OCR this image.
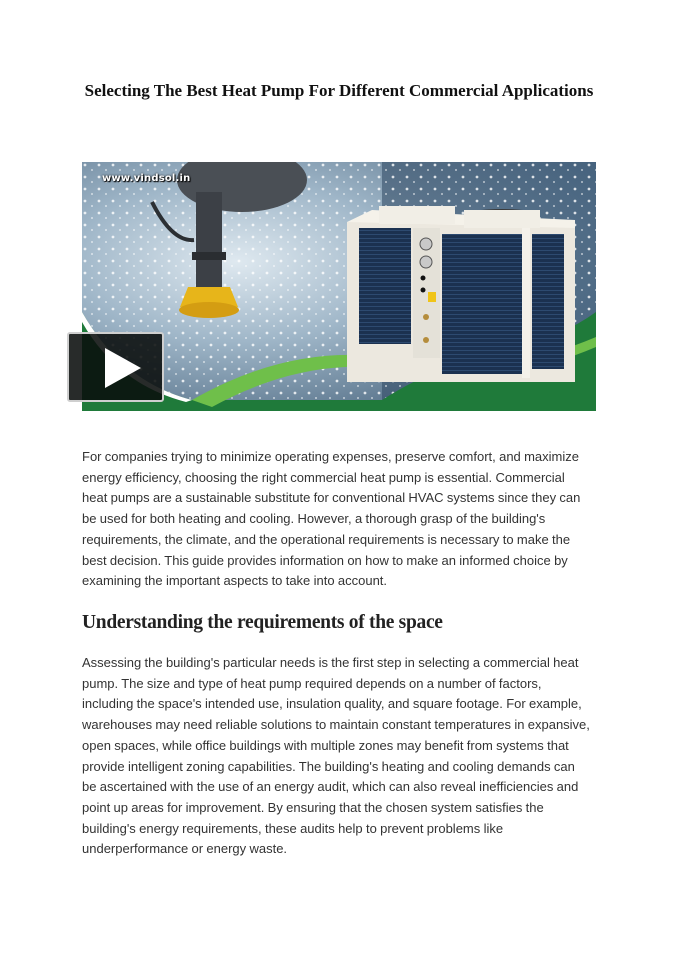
Selecting The Best Heat Pump For Different Commercial Applications
www.vindsol.in

For companies trying to minimize operating expenses, preserve comfort, and maximize energy efficiency, choosing the right commercial heat pump is essential. Commercial heat pumps are a sustainable substitute for conventional HVAC systems since they can be used for both heating and cooling. However, a thorough grasp of the building's requirements, the climate, and the operational requirements is necessary to make the best decision. This guide provides information on how to make an informed choice by examining the important aspects to take into account.

Understanding the requirements of the space

Assessing the building's particular needs is the first step in selecting a commercial heat pump. The size and type of heat pump required depends on a number of factors, including the space's intended use, insulation quality, and square footage. For example, warehouses may need reliable solutions to maintain constant temperatures in expansive, open spaces, while office buildings with multiple zones may benefit from systems that provide intelligent zoning capabilities. The building's heating and cooling demands can be ascertained with the use of an energy audit, which can also reveal inefficiencies and point up areas for improvement. By ensuring that the chosen system satisfies the building's energy requirements, these audits help to prevent problems like underperformance or energy waste.
